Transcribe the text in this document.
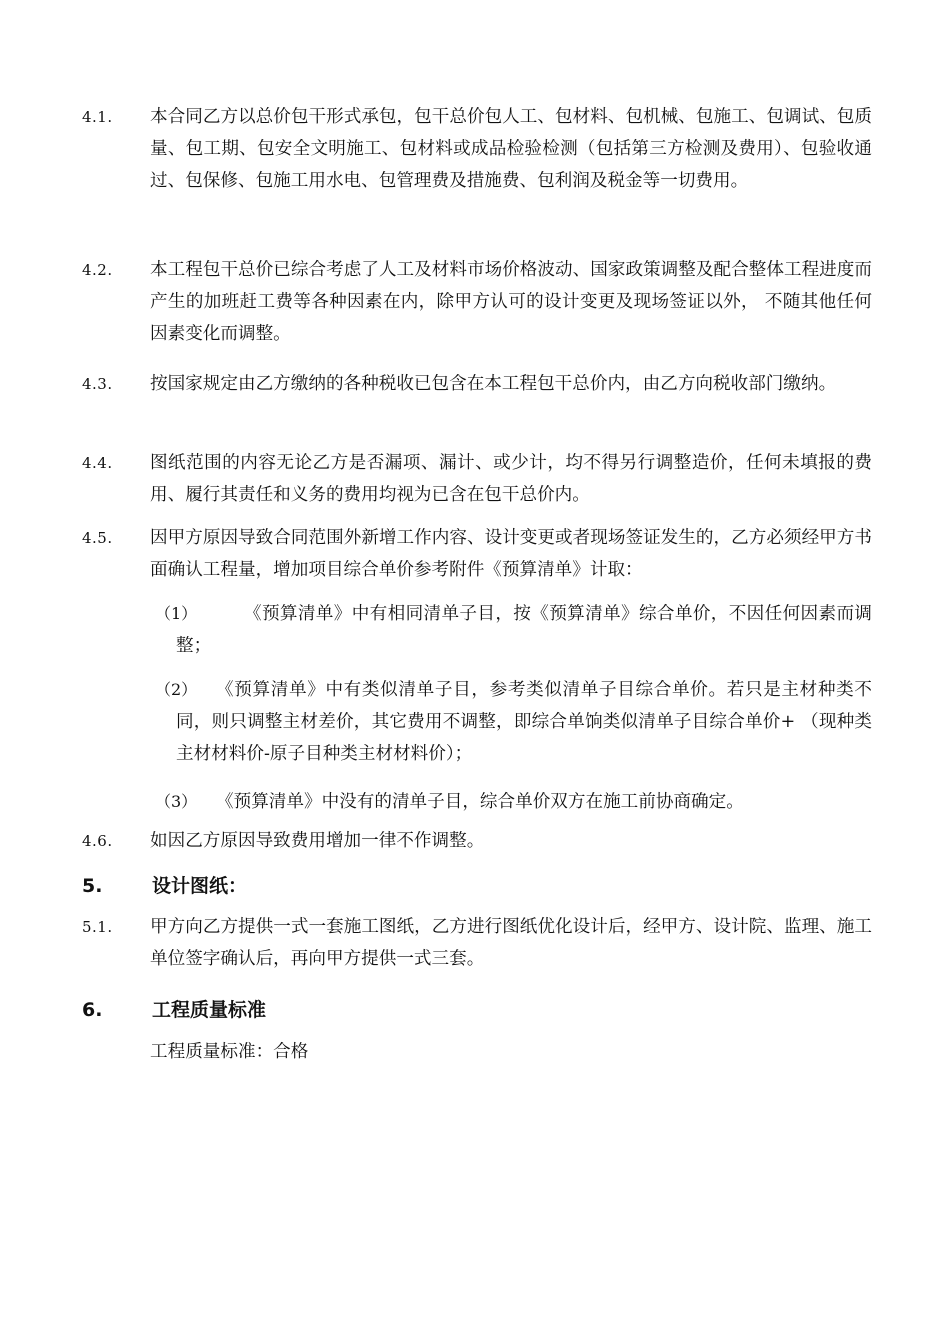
4.1. 本合同乙方以总价包干形式承包，包干总价包人工、包材料、包机械、包施工、包调试、包质量、包工期、包安全文明施工、包材料或成品检验检测（包括第三方检测及费用）、包验收通过、包保修、包施工用水电、包管理费及措施费、包利润及税金等一切费用。
4.2. 本工程包干总价已综合考虑了人工及材料市场价格波动、国家政策调整及配合整体工程进度而产生的加班赶工费等各种因素在内，除甲方认可的设计变更及现场签证以外， 不随其他任何因素变化而调整。
4.3. 按国家规定由乙方缴纳的各种税收已包含在本工程包干总价内，由乙方向税收部门缴纳。
4.4. 图纸范围的内容无论乙方是否漏项、漏计、或少计，均不得另行调整造价，任何未填报的费用、履行其责任和义务的费用均视为已含在包干总价内。
4.5. 因甲方原因导致合同范围外新增工作内容、设计变更或者现场签证发生的，乙方必须经甲方书面确认工程量，增加项目综合单价参考附件《预算清单》计取：
（1）	《预算清单》中有相同清单子目，按《预算清单》综合单价，不因任何因素而调整；
（2）	《预算清单》中有类似清单子目，参考类似清单子目综合单价。若只是主材种类不同，则只调整主材差价，其它费用不调整，即综合单饷类似清单子目综合单价+ （现种类主材材料价-原子目种类主材材料价）；
（3）	《预算清单》中没有的清单子目，综合单价双方在施工前协商确定。
4.6. 如因乙方原因导致费用增加一律不作调整。
5.	设计图纸：
5.1. 甲方向乙方提供一式一套施工图纸，乙方进行图纸优化设计后，经甲方、设计院、监理、施工单位签字确认后，再向甲方提供一式三套。
6.	工程质量标准
工程质量标准：合格
